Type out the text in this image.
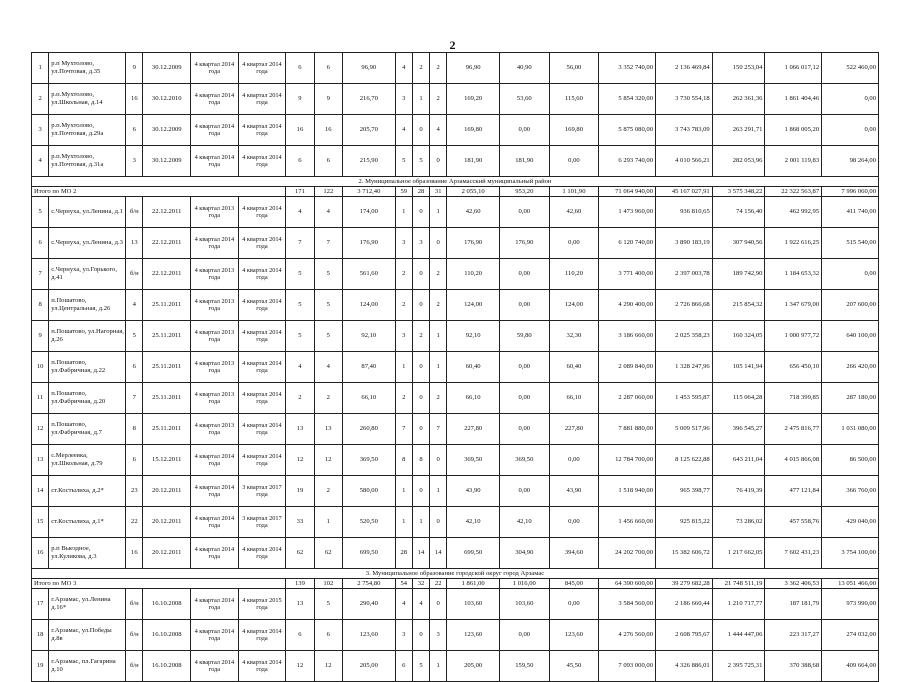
2
1	р.п Мухтолово, ул.Почтовая, д.35	9	30.12.2009	4 квартал 2014 года	4 квартал 2014 года	6	6	96,90	4	2	2	96,90	40,90	56,00	3 352 740,00	2 136 469,84	150 253,04	1 066 017,12	522 460,00
2	р.п.Мухтолово, ул.Школьная, д.14	16	30.12.2010	4 квартал 2014 года	4 квартал 2014 года	9	9	216,70	3	1	2	169,20	53,60	115,60	5 854 320,00	3 730 554,18	262 361,36	1 861 404,46	0,00
3	р.п.Мухтолово, ул.Почтовая, д.29а	6	30.12.2009	4 квартал 2014 года	4 квартал 2014 года	16	16	205,70	4	0	4	169,80	0,00	169,80	5 875 080,00	3 743 783,09	263 291,71	1 868 005,20	0,00
4	р.п.Мухтолово, ул.Почтовая, д.31а	3	30.12.2009	4 квартал 2014 года	4 квартал 2014 года	6	6	215,90	5	5	0	181,90	181,90	0,00	6 293 740,00	4 010 566,21	282 053,96	2 001 119,83	98 264,00
2. Муниципальное образование Арзамасский муниципальный район																			
Итого по МО 2						171	122	3 712,40	59	28	31	2 055,10	953,20	1 101,90	71 064 940,00	45 167 027,91	3 575 348,22	22 322 563,87	7 996 060,00
5	с.Чернуха, ул.Ленина, д.1	б/н	22.12.2011	4 квартал 2013 года	4 квартал 2014 года	4	4	174,00	1	0	1	42,60	0,00	42,60	1 473 960,00	936 810,65	74 156,40	462 992,95	411 740,00
6	с.Чернуха, ул.Ленина, д.3	13	22.12.2011	4 квартал 2014 года	4 квартал 2014 года	7	7	176,90	3	3	0	176,90	176,90	0,00	6 120 740,00	3 890 183,19	307 940,56	1 922 616,25	515 540,00
7	с.Чернуха, ул.Горького, д.41	б/н	22.12.2011	4 квартал 2013 года	4 квартал 2014 года	5	5	561,60	2	0	2	110,20	0,00	110,20	3 771 400,00	2 397 003,78	189 742,90	1 184 653,32	0,00
8	п.Пошатово, ул.Центральная, д.26	4	25.11.2011	4 квартал 2013 года	4 квартал 2014 года	5	5	124,00	2	0	2	124,00	0,00	124,00	4 290 400,00	2 726 866,68	215 854,32	1 347 679,00	207 600,00
9	п.Пошатово, ул.Нагорная, д.26	5	25.11.2011	4 квартал 2013 года	4 квартал 2014 года	5	5	92,10	3	2	1	92,10	59,80	32,30	3 186 660,00	2 025 358,23	160 324,05	1 000 977,72	640 100,00
10	п.Пошатово, ул.Фабричная, д.22	6	25.11.2011	4 квартал 2013 года	4 квартал 2014 года	4	4	87,40	1	0	1	60,40	0,00	60,40	2 089 840,00	1 328 247,96	105 141,94	656 450,10	266 420,00
11	п.Пошатово, ул.Фабричная, д.20	7	25.11.2011	4 квартал 2013 года	4 квартал 2014 года	2	2	66,10	2	0	2	66,10	0,00	66,10	2 287 060,00	1 453 595,87	115 064,28	718 399,85	287 180,00
12	п.Пошатово, ул.Фабричная, д.7	8	25.11.2011	4 квартал 2013 года	4 квартал 2014 года	13	13	260,80	7	0	7	227,80	0,00	227,80	7 881 880,00	5 009 517,96	396 545,27	2 475 816,77	1 031 080,00
13	с.Мерлеевка, ул.Школьная, д.79	6	15.12.2011	4 квартал 2014 года	4 квартал 2014 года	12	12	369,50	8	8	0	369,50	369,50	0,00	12 784 700,00	8 125 622,88	643 211,04	4 015 866,08	86 500,00
14	ст.Костылиха, д.2*	23	20.12.2011	4 квартал 2014 года	3 квартал 2017 года	19	2	580,00	1	0	1	43,90	0,00	43,90	1 518 940,00	965 398,77	76 419,39	477 121,84	366 760,00
15	ст.Костылиха, д.1*	22	20.12.2011	4 квартал 2014 года	3 квартал 2017 года	33	1	520,50	1	1	0	42,10	42,10	0,00	1 456 660,00	925 815,22	73 286,02	457 558,76	429 040,00
16	р.п Выездное, ул.Куликова, д.3	16	20.12.2011	4 квартал 2014 года	4 квартал 2014 года	62	62	699,50	28	14	14	699,50	304,90	394,60	24 202 700,00	15 382 606,72	1 217 662,05	7 602 431,23	3 754 100,00
3. Муниципальное образование городской округ город Арзамас																			
Итого по МО 3						139	102	2 754,80	54	32	22	1 861,00	1 016,00	845,00	64 390 600,00	39 279 682,28	21 748 511,19	3 362 406,53	13 051 466,00
17	г.Арзамас, ул.Ленина д.16*	б/н	16.10.2008	4 квартал 2014 года	4 квартал 2015 года	13	5	290,40	4	4	0	103,60	103,60	0,00	3 584 560,00	2 186 660,44	1 210 717,77	187 181,79	973 990,00
18	г.Арзамас, ул.Победы д.8в	б/н	16.10.2008	4 квартал 2014 года	4 квартал 2014 года	6	6	123,60	3	0	3	123,60	0,00	123,60	4 276 560,00	2 608 795,67	1 444 447,06	223 317,27	274 032,00
19	г.Арзамас, пл.Гагарина д.10	б/н	16.10.2008	4 квартал 2014 года	4 квартал 2014 года	12	12	205,00	6	5	1	205,00	159,50	45,50	7 093 000,00	4 326 886,01	2 395 725,31	370 388,68	409 664,00
